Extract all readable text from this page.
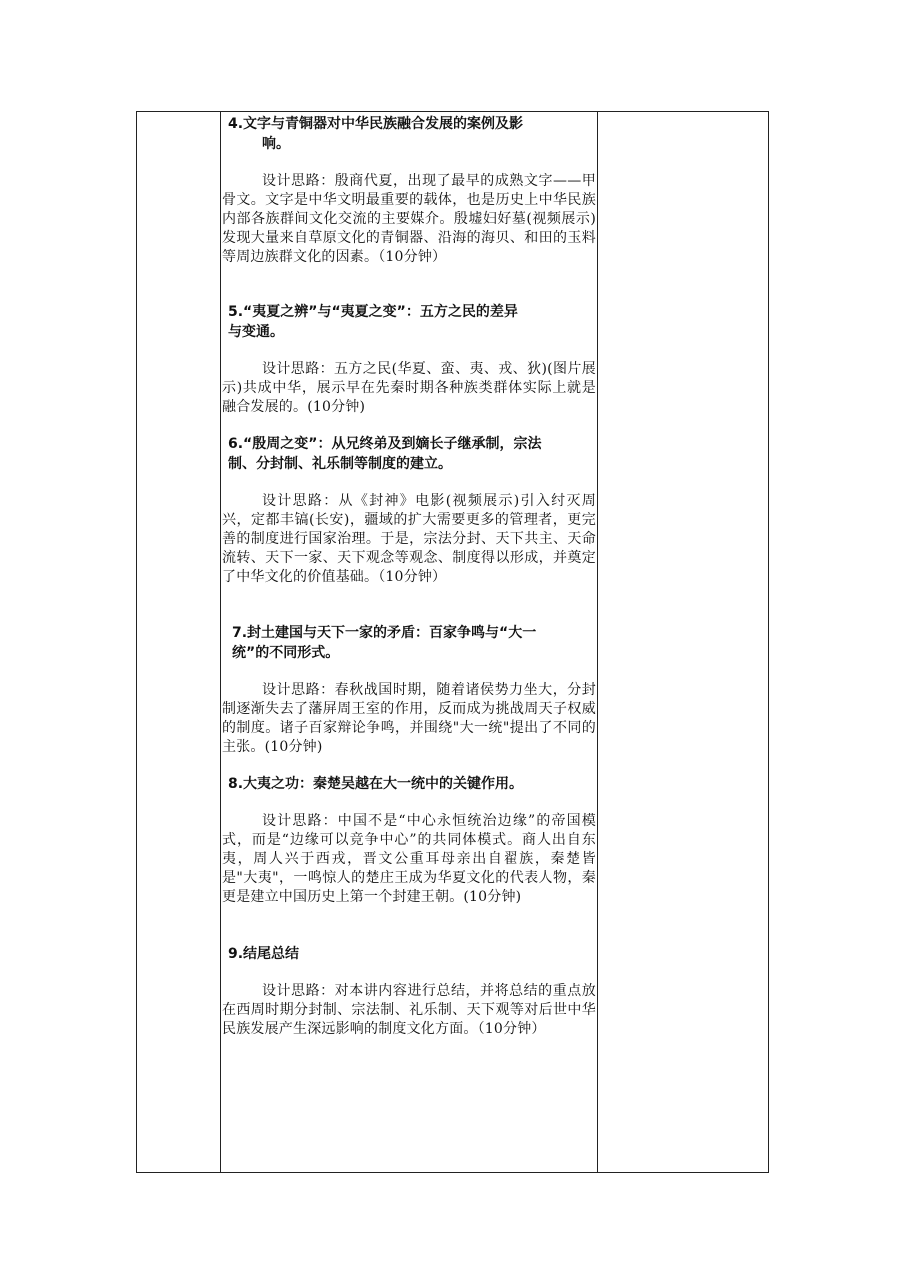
4.文字与青铜器对中华民族融合发展的案例及影
响。
设计思路：殷商代夏，出现了最早的成熟文字——甲骨文。文字是中华文明最重要的载体，也是历史上中华民族内部各族群间文化交流的主要媒介。殷墟妇好墓(视频展示)发现大量来自草原文化的青铜器、沿海的海贝、和田的玉料等周边族群文化的因素。（10分钟）
5.“夷夏之辨”与“夷夏之变”：五方之民的差异
与变通。
设计思路：五方之民(华夏、蛮、夷、戎、狄)(图片展示)共成中华，展示早在先秦时期各种族类群体实际上就是融合发展的。(10分钟)
6.“殷周之变”：从兄终弟及到嫡长子继承制，宗法
制、分封制、礼乐制等制度的建立。
设计思路：从《封神》电影(视频展示)引入纣灭周兴，定都丰镐(长安)，疆域的扩大需要更多的管理者，更完善的制度进行国家治理。于是，宗法分封、天下共主、天命流转、天下一家、天下观念等观念、制度得以形成，并奠定了中华文化的价值基础。（10分钟）
7.封土建国与天下一家的矛盾：百家争鸣与“大一
统”的不同形式。
设计思路：春秋战国时期，随着诸侯势力坐大，分封制逐渐失去了藩屏周王室的作用，反而成为挑战周天子权威的制度。诸子百家辩论争鸣，并围绕"大一统"提出了不同的主张。(10分钟)
8.大夷之功：秦楚吴越在大一统中的关键作用。
设计思路：中国不是“中心永恒统治边缘”的帝国模式，而是“边缘可以竞争中心”的共同体模式。商人出自东夷，周人兴于西戎，晋文公重耳母亲出自翟族，秦楚皆是"大夷"，一鸣惊人的楚庄王成为华夏文化的代表人物，秦更是建立中国历史上第一个封建王朝。(10分钟)
9.结尾总结
设计思路：对本讲内容进行总结，并将总结的重点放在西周时期分封制、宗法制、礼乐制、天下观等对后世中华民族发展产生深远影响的制度文化方面。（10分钟）
